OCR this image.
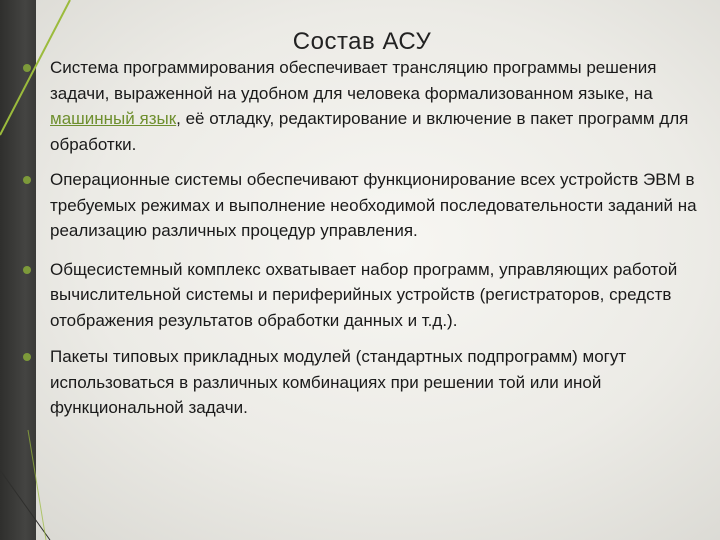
Состав АСУ
Система программирования обеспечивает трансляцию программы решения задачи, выраженной на удобном для человека формализованном языке, на машинный язык, её отладку, редактирование и включение в пакет программ для обработки.
Операционные системы обеспечивают функционирование всех устройств ЭВМ в требуемых режимах и выполнение необходимой последовательности заданий на реализацию различных процедур управления.
Общесистемный комплекс охватывает набор программ, управляющих работой вычислительной системы и периферийных устройств (регистраторов, средств отображения результатов обработки данных и т.д.).
Пакеты типовых прикладных модулей (стандартных подпрограмм) могут использоваться в различных комбинациях при решении той или иной функциональной задачи.
